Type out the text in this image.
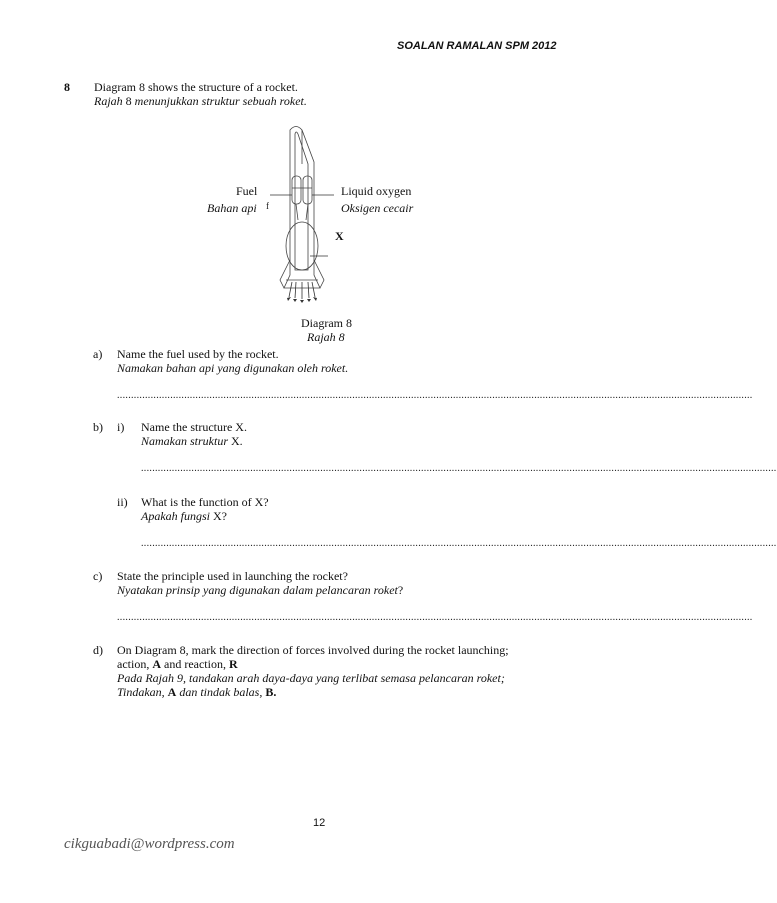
SOALAN RAMALAN SPM 2012
8 Diagram 8 shows the structure of a rocket.
Rajah 8 menunjukkan struktur sebuah roket.
Fuel
Bahan api f
Liquid oxygen
Oksigen cecair
X
Diagram 8
Rajah 8
a) Name the fuel used by the rocket.
Namakan bahan api yang digunakan oleh roket.
...................................................................................................................................................................................................................................
b) i) Name the structure X.
Namakan struktur X.
...................................................................................................................................................................................................................................
ii) What is the function of X?
Apakah fungsi X?
...................................................................................................................................................................................................................................
c) State the principle used in launching the rocket?
Nyatakan prinsip yang digunakan dalam pelancaran roket?
...................................................................................................................................................................................................................................
d) On Diagram 8, mark the direction of forces involved during the rocket launching;
action, A and reaction, R
Pada Rajah 9, tandakan arah daya-daya yang terlibat semasa pelancaran roket;
Tindakan, A dan tindak balas, B.
12
cikguabadi@wordpress.com
